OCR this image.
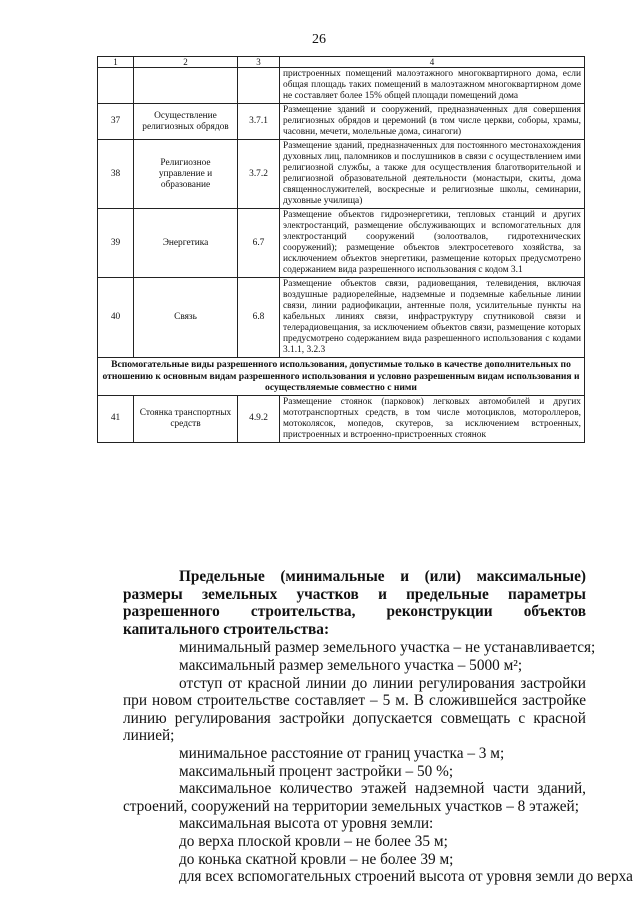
26
1	2	3	4
			пристроенных помещений малоэтажного многоквартирного дома, если общая площадь таких помещений в малоэтажном многоквартирном доме не составляет более 15% общей площади помещений дома
37	Осуществление религиозных обрядов	3.7.1	Размещение зданий и сооружений, предназначенных для совершения религиозных обрядов и церемоний (в том числе церкви, соборы, храмы, часовни, мечети, молельные дома, синагоги)
38	Религиозное управление и образование	3.7.2	Размещение зданий, предназначенных для постоянного местонахождения духовных лиц, паломников и послушников в связи с осуществлением ими религиозной службы, а также для осуществления благотворительной и религиозной образовательной деятельности (монастыри, скиты, дома священнослужителей, воскресные и религиозные школы, семинарии, духовные училища)
39	Энергетика	6.7	Размещение объектов гидроэнергетики, тепловых станций и других электростанций, размещение обслуживающих и вспомогательных для электростанций сооружений (золоотвалов, гидротехнических сооружений); размещение объектов электросетевого хозяйства, за исключением объектов энергетики, размещение которых предусмотрено содержанием вида разрешенного использования с кодом 3.1
40	Связь	6.8	Размещение объектов связи, радиовещания, телевидения, включая воздушные радиорелейные, надземные и подземные кабельные линии связи, линии радиофикации, антенные поля, усилительные пункты на кабельных линиях связи, инфраструктуру спутниковой связи и телерадиовещания, за исключением объектов связи, размещение которых предусмотрено содержанием вида разрешенного использования с кодами 3.1.1, 3.2.3
Вспомогательные виды разрешенного использования, допустимые только в качестве дополнительных по отношению к основным видам разрешенного использования и условно разрешенным видам использования и осуществляемые совместно с ними			
41	Стоянка транспортных средств	4.9.2	Размещение стоянок (парковок) легковых автомобилей и других мототранспортных средств, в том числе мотоциклов, мотороллеров, мотоколясок, мопедов, скутеров, за исключением встроенных, пристроенных и встроенно-пристроенных стоянок

Предельные (минимальные и (или) максимальные) размеры земельных участков и предельные параметры разрешенного строительства, реконструкции объектов капитального строительства:

минимальный размер земельного участка – не устанавливается;

максимальный размер земельного участка – 5000 м²;

отступ от красной линии до линии регулирования застройки при новом строительстве составляет – 5 м. В сложившейся застройке линию регулирования застройки допускается совмещать с красной линией;

минимальное расстояние от границ участка – 3 м;

максимальный процент застройки – 50 %;

максимальное количество этажей надземной части зданий, строений, сооружений на территории земельных участков – 8 этажей;

максимальная высота от уровня земли:

до верха плоской кровли – не более 35 м;

до конька скатной кровли – не более 39 м;

для всех вспомогательных строений высота от уровня земли до верха
